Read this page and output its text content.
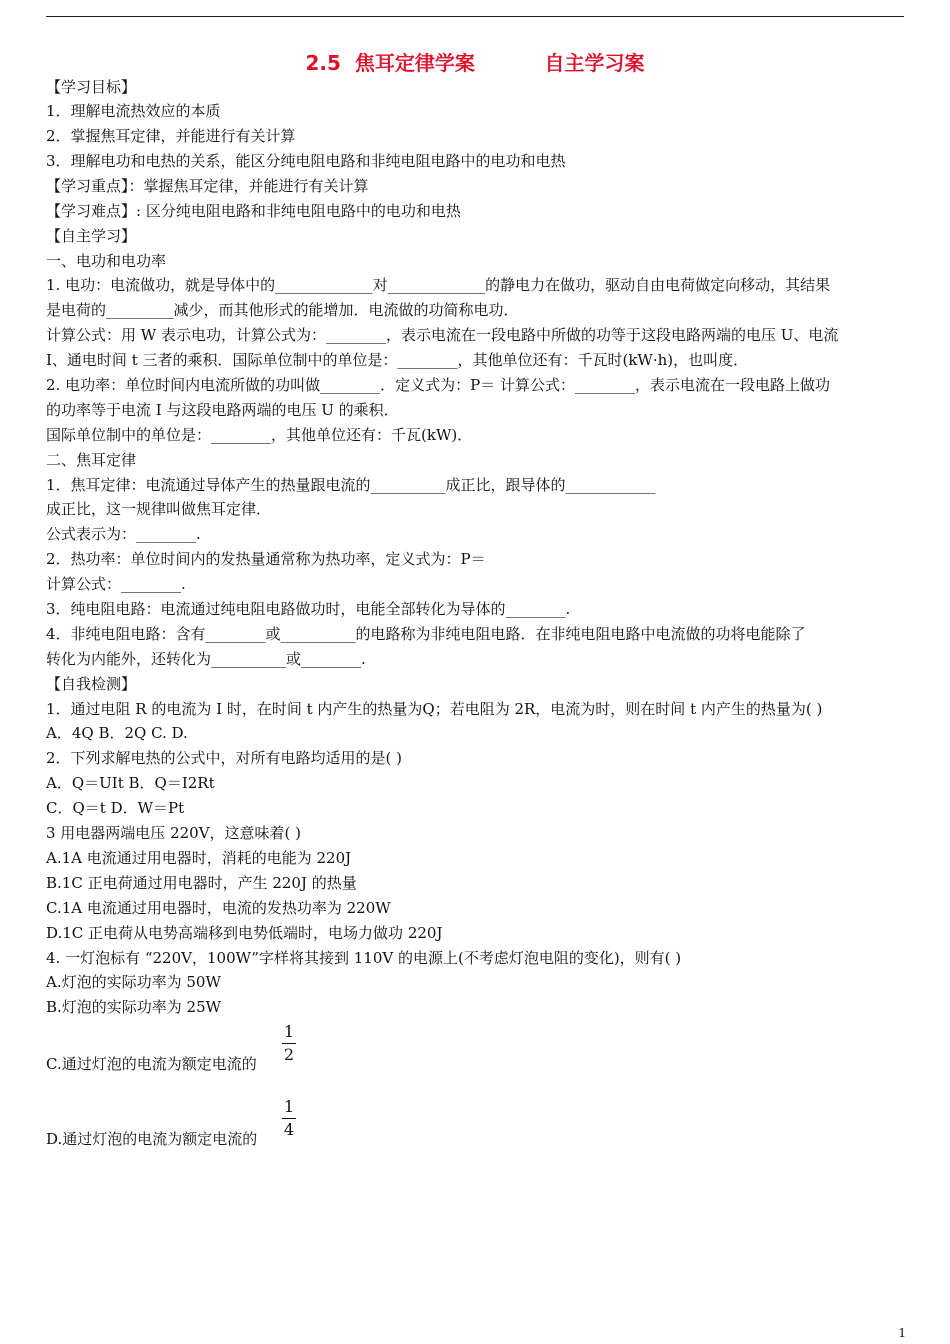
2.5  焦耳定律学案          自主学习案
【学习目标】
1．理解电流热效应的本质
2．掌握焦耳定律，并能进行有关计算
3．理解电功和电热的关系，能区分纯电阻电路和非纯电阻电路中的电功和电热
【学习重点】：掌握焦耳定律，并能进行有关计算
【学习难点】: 区分纯电阻电路和非纯电阻电路中的电功和电热
【自主学习】
一、电功和电功率
1. 电功：电流做功，就是导体中的_____________对_____________的静电力在做功，驱动自由电荷做定向移动，其结果
是电荷的_________减少，而其他形式的能增加．电流做的功简称电功．
计算公式：用 W 表示电功，计算公式为：________，表示电流在一段电路中所做的功等于这段电路两端的电压 U、电流
I、通电时间 t 三者的乘积．国际单位制中的单位是：________，其他单位还有：千瓦时(kW·h)，也叫度．
2. 电功率：单位时间内电流所做的功叫做________．定义式为：P＝ 计算公式：________，表示电流在一段电路上做功
的功率等于电流 I 与这段电路两端的电压 U 的乘积．
国际单位制中的单位是：________，其他单位还有：千瓦(kW)．
二、焦耳定律
1．焦耳定律：电流通过导体产生的热量跟电流的__________成正比，跟导体的____________
成正比，这一规律叫做焦耳定律．
公式表示为：________.
2．热功率：单位时间内的发热量通常称为热功率，定义式为：P＝
计算公式：________.
3．纯电阻电路：电流通过纯电阻电路做功时，电能全部转化为导体的________.
4．非纯电阻电路：含有________或__________的电路称为非纯电阻电路．在非纯电阻电路中电流做的功将电能除了
转化为内能外，还转化为__________或________.
【自我检测】
1．通过电阻 R 的电流为 I 时，在时间 t 内产生的热量为Q；若电阻为 2R，电流为时，则在时间 t 内产生的热量为( )
A．4Q B．2Q C. D.
2．下列求解电热的公式中，对所有电路均适用的是( )
A．Q＝UIt B．Q＝I2Rt
C．Q＝t D．W＝Pt
3 用电器两端电压 220V，这意味着( )
A.1A 电流通过用电器时，消耗的电能为 220J
B.1C 正电荷通过用电器时，产生 220J 的热量
C.1A 电流通过用电器时，电流的发热功率为 220W
D.1C 正电荷从电势高端移到电势低端时，电场力做功 220J
4. 一灯泡标有 “220V，100W”字样将其接到 110V 的电源上(不考虑灯泡电阻的变化)，则有( )
A.灯泡的实际功率为 50W
B.灯泡的实际功率为 25W
C.通过灯泡的电流为额定电流的
1
2
D.通过灯泡的电流为额定电流的
1
4
1
